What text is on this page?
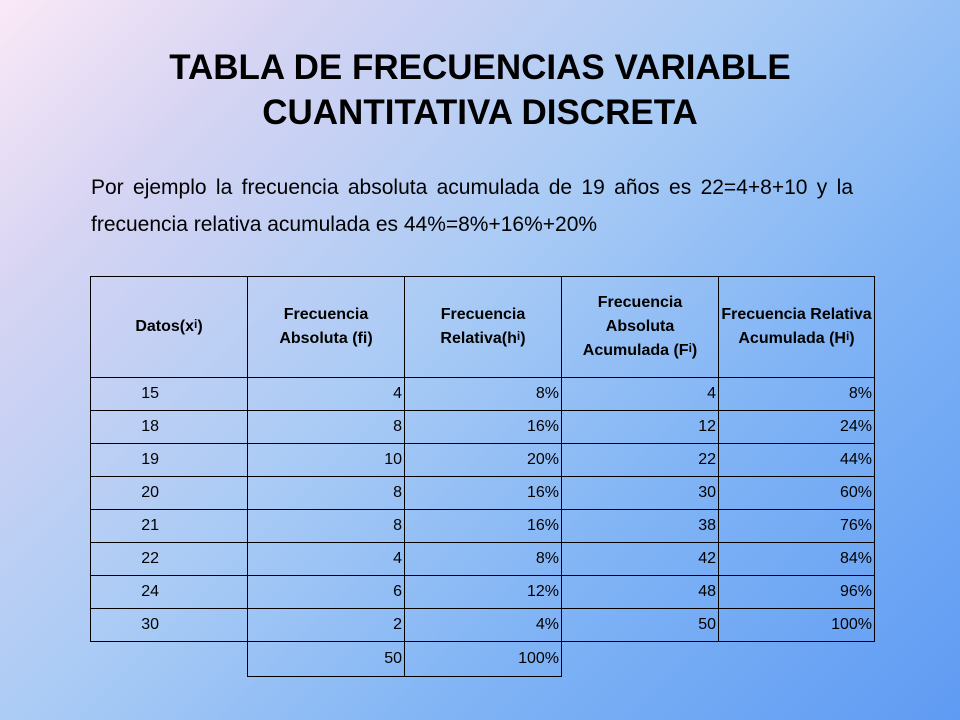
TABLA DE FRECUENCIAS VARIABLE
CUANTITATIVA DISCRETA

Por ejemplo la frecuencia absoluta acumulada de 19 años es 22=4+8+10 y la frecuencia relativa acumulada es 44%=8%+16%+20%

$Datos(x_i)$	Frecuencia Absoluta (fi)	Frecuencia $Relativa(h_i)$	Frecuencia Absoluta Acumulada $(F_i)$	Frecuencia Relativa Acumulada $(H_i)$
15	4	8%	4	8%
18	8	16%	12	24%
19	10	20%	22	44%
20	8	16%	30	60%
21	8	16%	38	76%
22	4	8%	42	84%
24	6	12%	48	96%
30	2	4%	50	100%
	50	100%		
